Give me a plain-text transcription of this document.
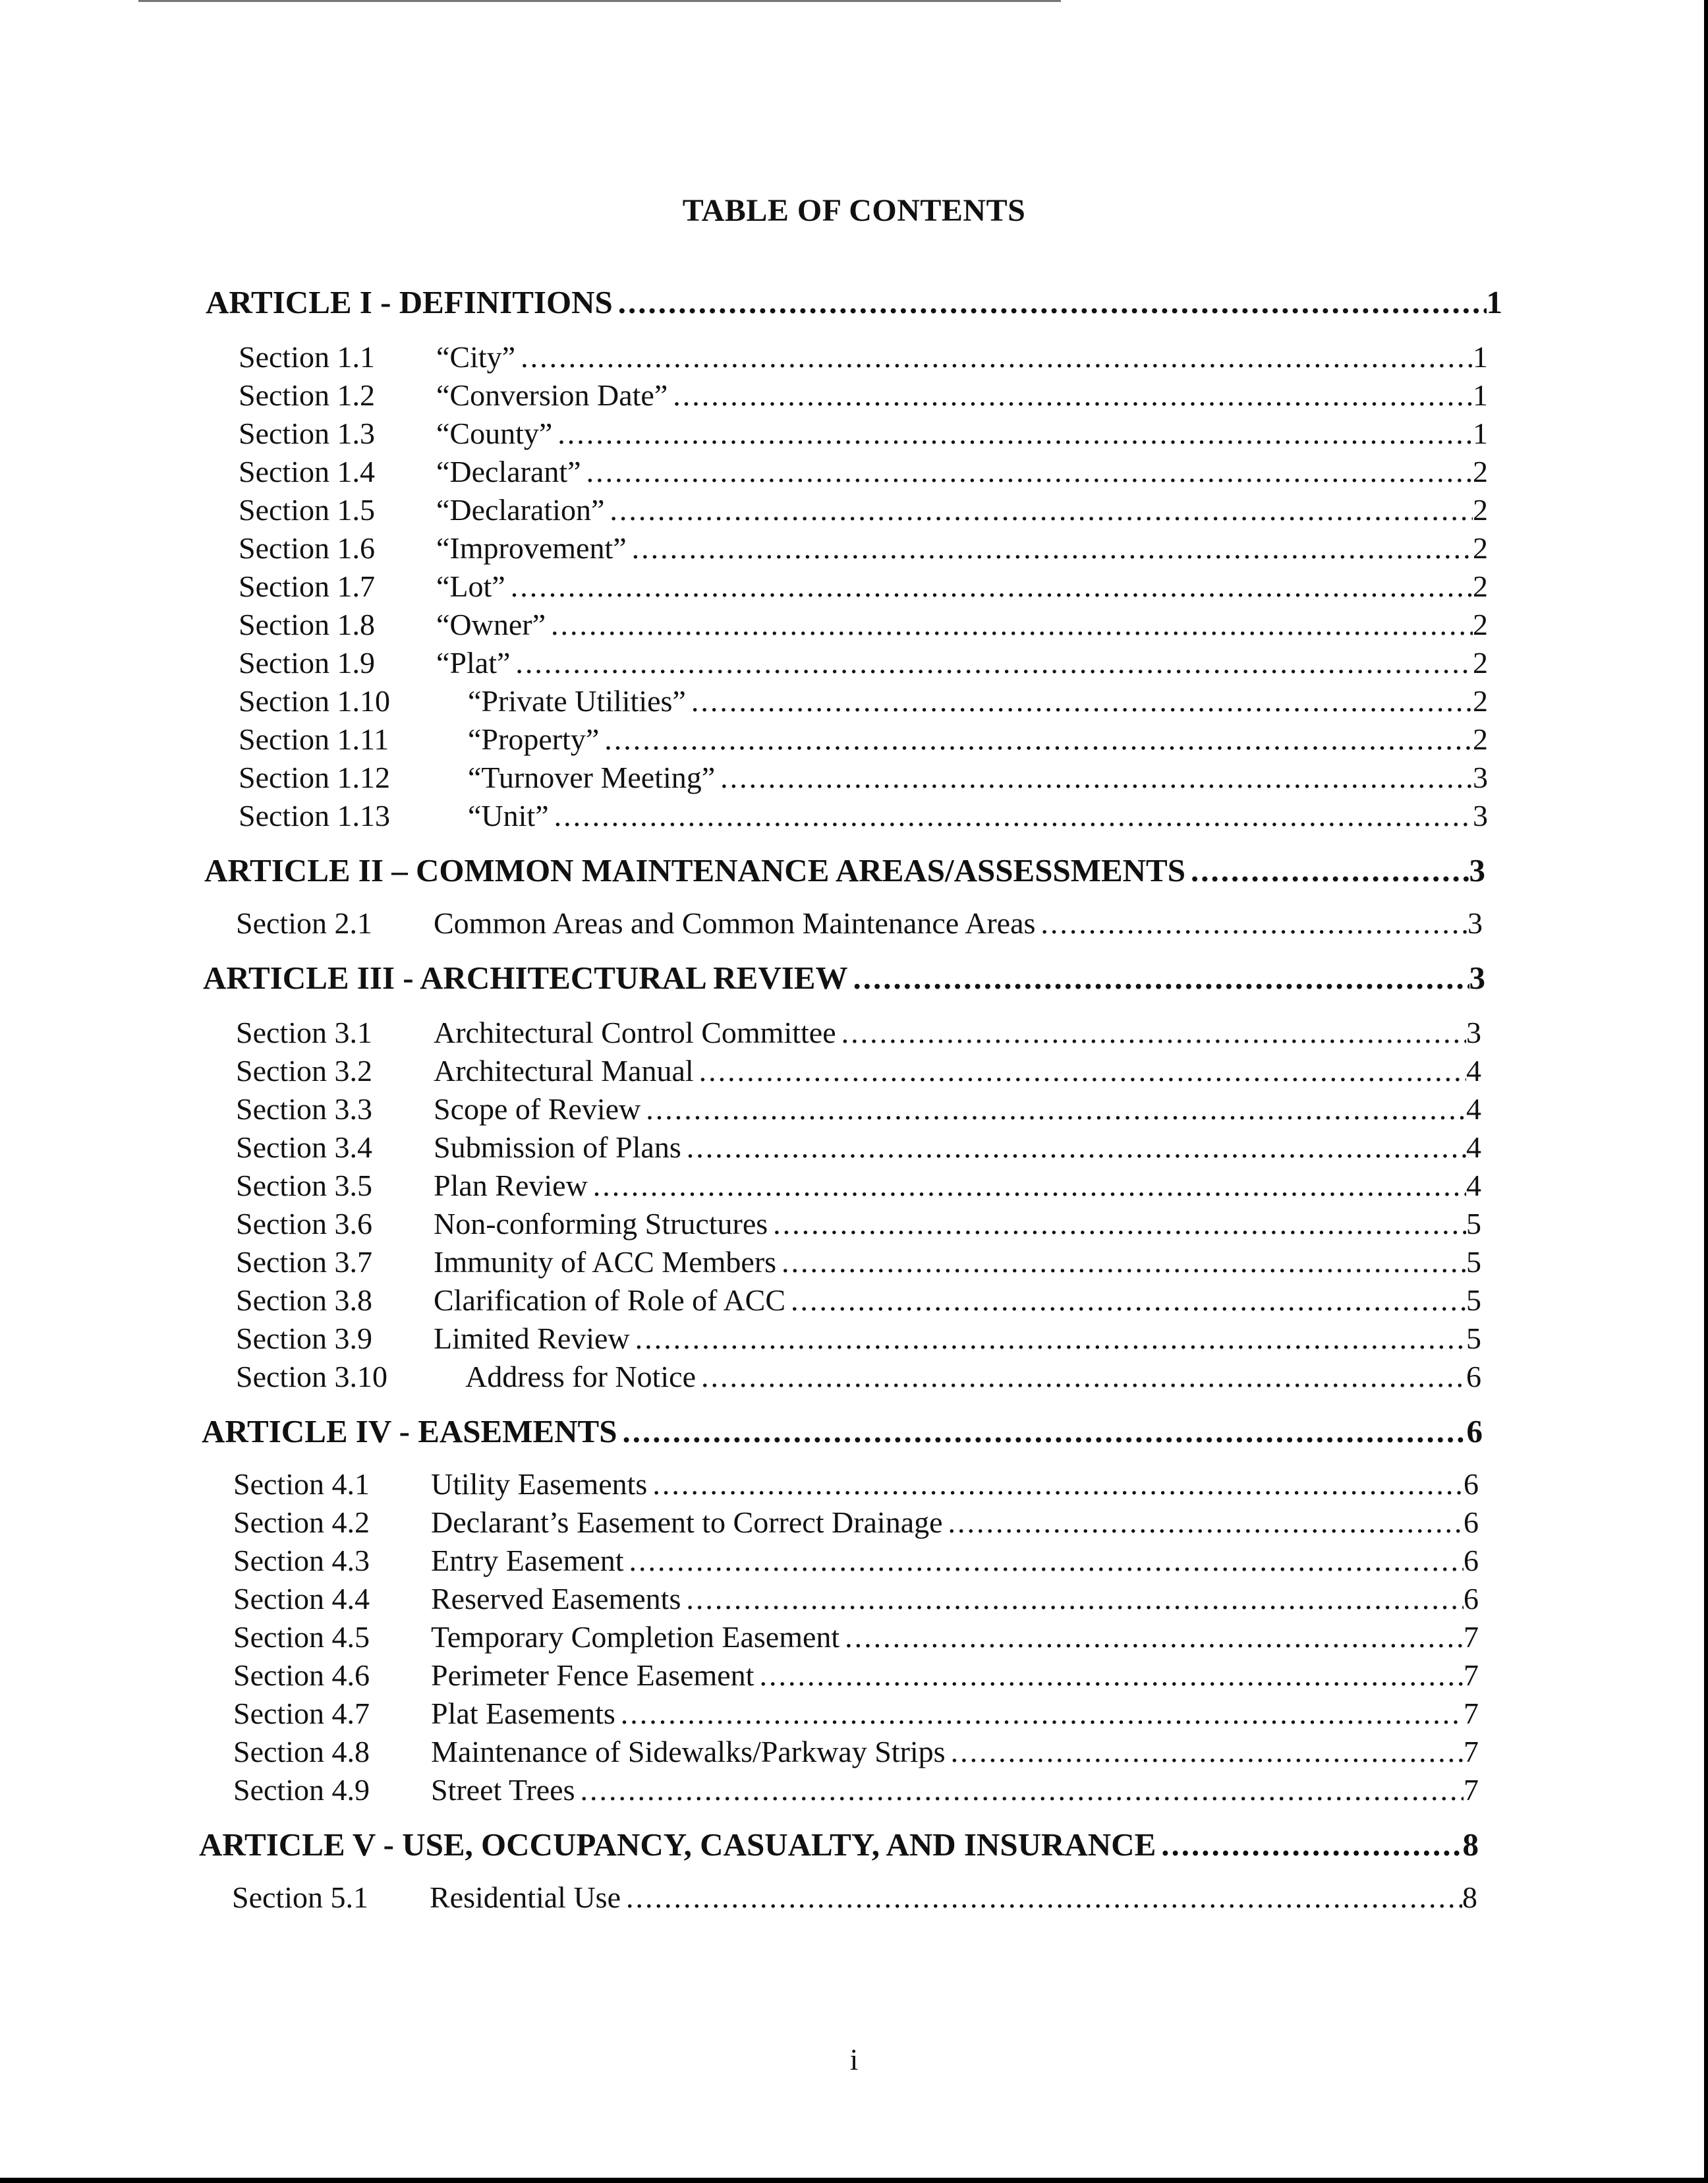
TABLE OF CONTENTS
ARTICLE I - DEFINITIONS .....	1
Section 1.1	“City” .....	1
Section 1.2	“Conversion Date” .....	1
Section 1.3	“County” .....	1
Section 1.4	“Declarant” .....	2
Section 1.5	“Declaration” .....	2
Section 1.6	“Improvement” .....	2
Section 1.7	“Lot” .....	2
Section 1.8	“Owner” .....	2
Section 1.9	“Plat” .....	2
Section 1.10	“Private Utilities” .....	2
Section 1.11	“Property” .....	2
Section 1.12	“Turnover Meeting” .....	3
Section 1.13	“Unit” .....	3
ARTICLE II – COMMON MAINTENANCE AREAS/ASSESSMENTS .....	3
Section 2.1	Common Areas and Common Maintenance Areas .....	3
ARTICLE III - ARCHITECTURAL REVIEW .....	3
Section 3.1	Architectural Control Committee .....	3
Section 3.2	Architectural Manual .....	4
Section 3.3	Scope of Review .....	4
Section 3.4	Submission of Plans .....	4
Section 3.5	Plan Review .....	4
Section 3.6	Non-conforming Structures .....	5
Section 3.7	Immunity of ACC Members .....	5
Section 3.8	Clarification of Role of ACC .....	5
Section 3.9	Limited Review .....	5
Section 3.10	Address for Notice .....	6
ARTICLE IV - EASEMENTS .....	6
Section 4.1	Utility Easements .....	6
Section 4.2	Declarant’s Easement to Correct Drainage .....	6
Section 4.3	Entry Easement .....	6
Section 4.4	Reserved Easements .....	6
Section 4.5	Temporary Completion Easement .....	7
Section 4.6	Perimeter Fence Easement .....	7
Section 4.7	Plat Easements .....	7
Section 4.8	Maintenance of Sidewalks/Parkway Strips .....	7
Section 4.9	Street Trees .....	7
ARTICLE V - USE, OCCUPANCY, CASUALTY, AND INSURANCE .....	8
Section 5.1	Residential Use .....	8
i
